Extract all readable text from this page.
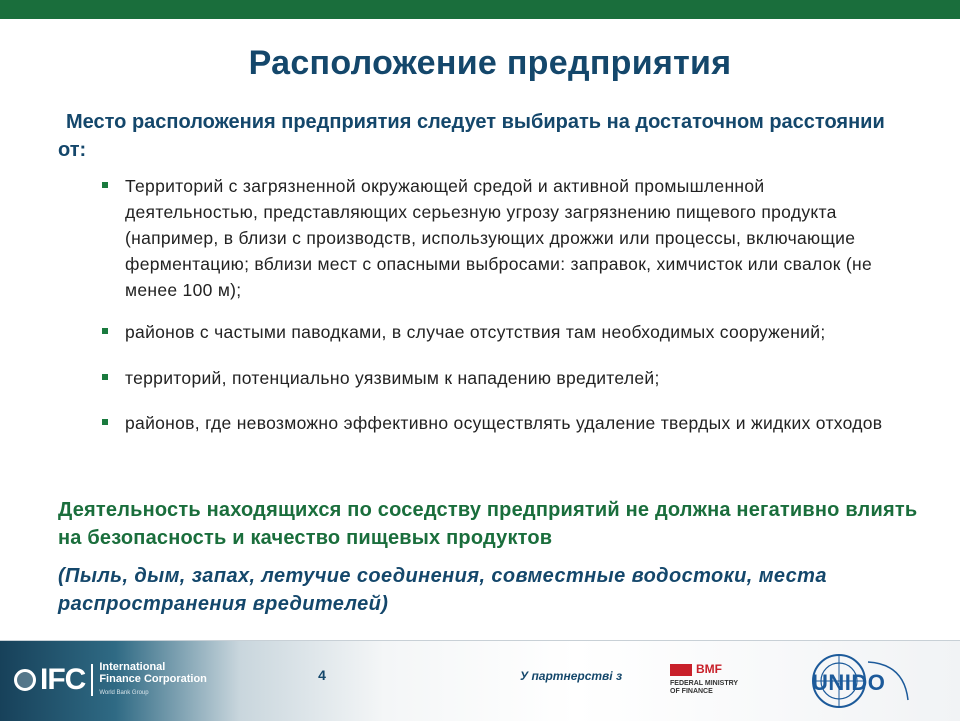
Расположение предприятия
Место расположения предприятия следует выбирать на достаточном расстоянии от:
Территорий с загрязненной окружающей средой и активной промышленной деятельностью, представляющих серьезную угрозу загрязнению пищевого продукта (например, в близи с производств, использующих дрожжи или процессы, включающие ферментацию; вблизи мест с опасными выбросами: заправок, химчисток или свалок (не менее 100 м);
районов с частыми паводками, в случае отсутствия там необходимых сооружений;
территорий, потенциально уязвимым к нападению вредителей;
районов, где невозможно эффективно осуществлять удаление твердых и жидких отходов
Деятельность находящихся по соседству предприятий не должна негативно влиять на безопасность и качество пищевых продуктов
(Пыль, дым, запах, летучие соединения, совместные водостоки, места распространения вредителей)
IFC International
Finance Corporation
World Bank Group
4	У партнерстві з	BMF
FEDERAL MINISTRY
OF FINANCE	UNIDO
